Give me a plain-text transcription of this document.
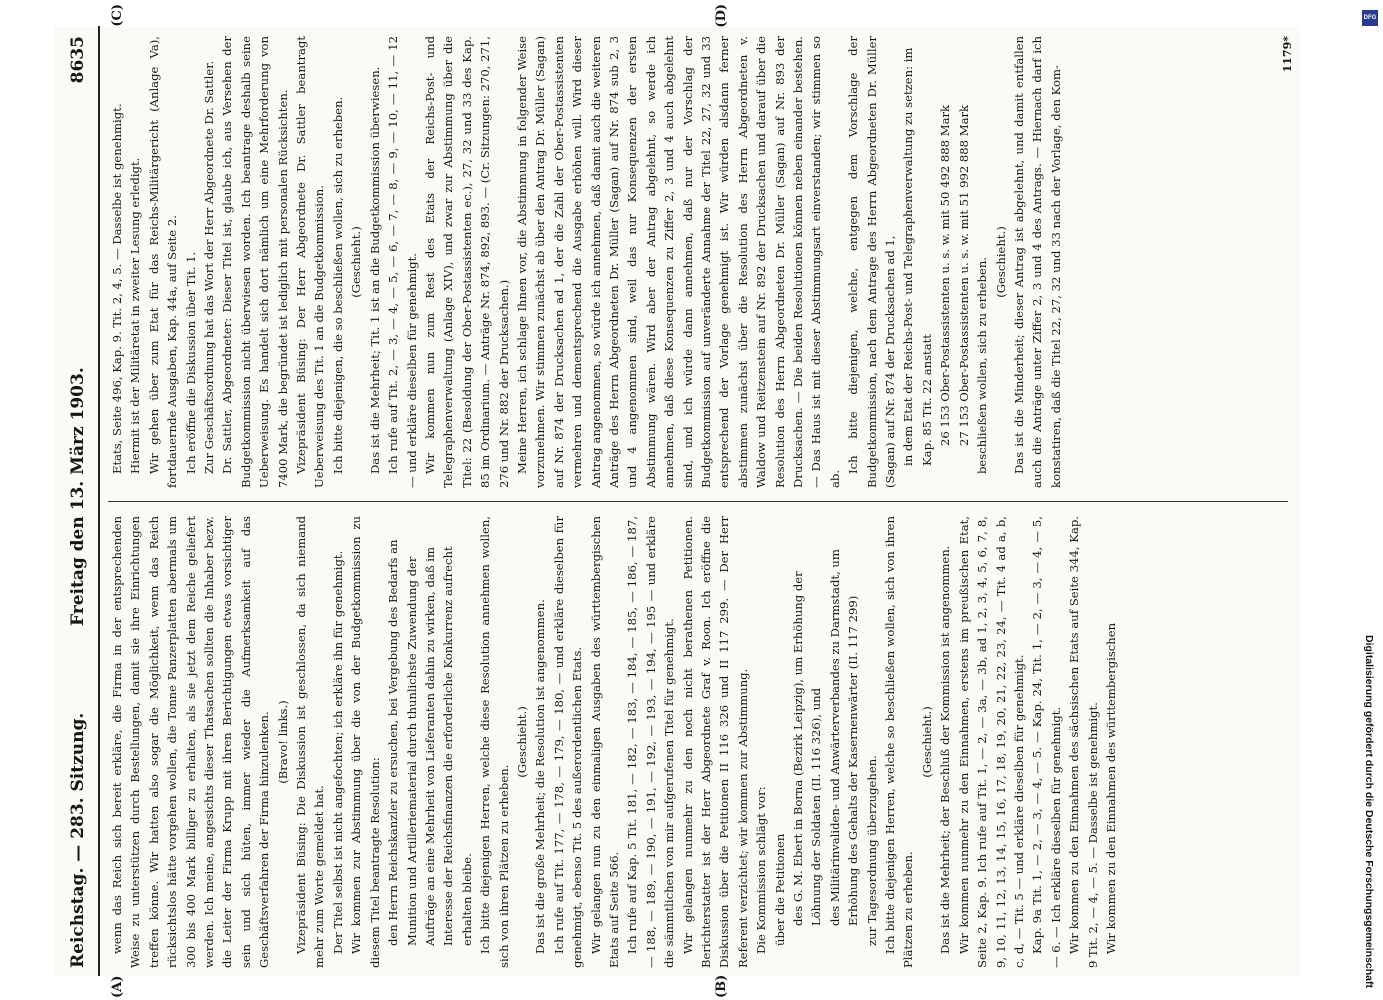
Reichstag. — 283. Sitzung.
Freitag den 13. März 1903.
8635
(A)	(B)
(C)	(D)

wenn das Reich sich bereit erkläre, die Firma in der entsprechenden Weise zu unterstützen durch Bestellungen, damit sie ihre Einrichtungen treffen könne. Wir hatten also sogar die Möglichkeit, wenn das Reich rücksichtslos hätte vorgehen wollen, die Tonne Panzerplatten abermals um 300 bis 400 Mark billiger zu erhalten, als sie jetzt dem Reiche geliefert werden. Ich meine, angesichts dieser Thatsachen sollten die Inhaber bezw. die Leiter der Firma Krupp mit ihren Berichtigungen etwas vorsichtiger sein und sich hüten, immer wieder die Aufmerksamkeit auf das Geschäftsverfahren der Firma hinzulenken. (Bravo! links.) Vizepräsident Büsing: Die Diskussion ist geschlossen, da sich niemand mehr zum Worte gemeldet hat. Der Titel selbst ist nicht angefochten; ich erkläre ihn für genehmigt. Wir kommen zur Abstimmung über die von der Budgetkommission zu diesem Titel beantragte Resolution: den Herrn Reichskanzler zu ersuchen, bei Vergebung des Bedarfs an Munition und Artilleriematerial durch thunlichste Zuwendung der Aufträge an eine Mehrheit von Lieferanten dahin zu wirken, daß im Interesse der Reichsfinanzen die erforderliche Konkurrenz aufrecht erhalten bleibe. Ich bitte diejenigen Herren, welche diese Resolution annehmen wollen, sich von ihren Plätzen zu erheben.

(Geschieht.) Das ist die große Mehrheit; die Resolution ist angenommen. Ich rufe auf Tit. 177, — 178, — 179, — 180, — und erkläre dieselben für genehmigt, ebenso Tit. 5 des außerordentlichen Etats. Wir gelangen nun zu den einmaligen Ausgaben des württembergischen Etats auf Seite 566. Ich rufe auf Kap. 5 Tit. 181, — 182, — 183, — 184, — 185, — 186, — 187, — 188, — 189, — 190, — 191, — 192, — 193, — 194, — 195 — und erkläre die sämmtlichen von mir aufgerufenen Titel für genehmigt. Wir gelangen nunmehr zu den noch nicht berathenen Petitionen. Berichterstatter ist der Herr Abgeordnete Graf v. Roon. Ich eröffne die Diskussion über die Petitionen II 116 326 und II 117 299. — Der Herr Referent verzichtet; wir kommen zur Abstimmung. Die Kommission schlägt vor: über die Petitionen des G. M. Ebert in Borna (Bezirk Leipzig), um Erhöhung der Löhnung der Soldaten (II. 116 326), und des Militärinvaliden- und Anwärterverbandes zu Darmstadt, um Erhöhung des Gehalts der Kasernenwärter (II. 117 299) zur Tagesordnung überzugehen. Ich bitte diejenigen Herren, welche so beschließen wollen, sich von ihren Plätzen zu erheben.

(Geschieht.) Das ist die Mehrheit; der Beschluß der Kommission ist angenommen. Wir kommen nunmehr zu den Einnahmen, erstens im preußischen Etat, Seite 2, Kap. 9. Ich rufe auf Tit. 1, — 2, — 3a, — 3b, ad 1, 2, 3, 4, 5, 6, 7, 8, 9, 10, 11, 12, 13, 14, 15, 16, 17, 18, 19, 20, 21, 22, 23, 24, — Tit. 4 ad a, b, c, d, — Tit. 5 — und erkläre dieselben für genehmigt. Kap. 9a Tit. 1, — 2, — 3, — 4, — 5. — Kap. 24, Tit. 1, — 2, — 3, — 4, — 5, — 6. — Ich erkläre dieselben für genehmigt. Wir kommen zu den Einnahmen des sächsischen Etats auf Seite 344, Kap. 9 Tit. 2, — 4, — 5. — Dasselbe ist genehmigt. Wir kommen zu den Einnahmen des württembergischen

Etats, Seite 496, Kap. 9. Tit. 2, 4, 5. — Dasselbe ist genehmigt. Hiermit ist der Militäretat in zweiter Lesung erledigt. Wir gehen über zum Etat für das Reichs-Militärgericht (Anlage Va), fortdauernde Ausgaben, Kap. 44a, auf Seite 2. Ich eröffne die Diskussion über Tit. 1. Zur Geschäftsordnung hat das Wort der Herr Abgeordnete Dr. Sattler. Dr. Sattler, Abgeordneter: Dieser Titel ist, glaube ich, aus Versehen der Budgetkommission nicht überwiesen worden. Ich beantrage deshalb seine Ueberweisung. Es handelt sich dort nämlich um eine Mehrforderung von 7400 Mark, die begründet ist lediglich mit personalen Rücksichten. Vizepräsident Büsing: Der Herr Abgeordnete Dr. Sattler beantragt Ueberweisung des Tit. 1 an die Budgetkommission. Ich bitte diejenigen, die so beschließen wollen, sich zu erheben. (Geschieht.) Das ist die Mehrheit; Tit. 1 ist an die Budgetkommission überwiesen. Ich rufe auf Tit. 2, — 3, — 4, — 5, — 6, — 7, — 8, — 9, — 10, — 11, — 12 — und erkläre dieselben für genehmigt. Wir kommen nun zum Rest des Etats der Reichs-Post- und Telegraphenverwaltung (Anlage XIV), und zwar zur Abstimmung über die Titel: 22 (Besoldung der Ober-Postassistenten ec.), 27, 32 und 33 des Kap. 85 im Ordinarium. — Anträge Nr. 874, 892, 893. — (Cr. Sitzungen: 270, 271, 276 und Nr. 882 der Drucksachen.) Meine Herren, ich schlage Ihnen vor, die Abstimmung in folgender Weise vorzunehmen. Wir stimmen zunächst ab über den Antrag Dr. Müller (Sagan) auf Nr. 874 der Drucksachen ad 1, der die Zahl der Ober-Postassistenten vermehren und dementsprechend die Ausgabe erhöhen will. Wird dieser Antrag angenommen, so würde ich annehmen, daß damit auch die weiteren Anträge des Herrn Abgeordneten Dr. Müller (Sagan) auf Nr. 874 sub 2, 3 und 4 angenommen sind, weil das nur Konsequenzen der ersten Abstimmung wären. Wird aber der Antrag abgelehnt, so werde ich annehmen, daß diese Konsequenzen zu Ziffer 2, 3 und 4 auch abgelehnt sind, und ich würde dann annehmen, daß nur der Vorschlag der Budgetkommission auf unveränderte Annahme der Titel 22, 27, 32 und 33 entsprechend der Vorlage genehmigt ist. Wir würden alsdann ferner abstimmen zunächst über die Resolution des Herrn Abgeordneten v. Waldow und Reitzenstein auf Nr. 892 der Drucksachen und darauf über die Resolution des Herrn Abgeordneten Dr. Müller (Sagan) auf Nr. 893 der Drucksachen. — Die beiden Resolutionen können neben einander bestehen. — Das Haus ist mit dieser Abstimmungsart einverstanden; wir stimmen so ab.

Ich bitte diejenigen, welche, entgegen dem Vorschlage der Budgetkommission, nach dem Antrage des Herrn Abgeordneten Dr. Müller (Sagan) auf Nr. 874 der Drucksachen ad 1, in dem Etat der Reichs-Post- und Telegraphenverwaltung zu setzen: im Kap. 85 Tit. 22 anstatt 26 153 Ober-Postassistenten u. s. w. mit 50 492 888 Mark 27 153 Ober-Postassistenten u. s. w. mit 51 992 888 Mark beschließen wollen, sich zu erheben. (Geschieht.) Das ist die Minderheit; dieser Antrag ist abgelehnt, und damit entfallen auch die Anträge unter Ziffer 2, 3 und 4 des Antrags. — Hiernach darf ich konstatiren, daß die Titel 22, 27, 32 und 33 nach der Vorlage, den Kom-

1179*
DFG
Digitalisierung gefördert durch die Deutsche Forschungsgemeinschaft
